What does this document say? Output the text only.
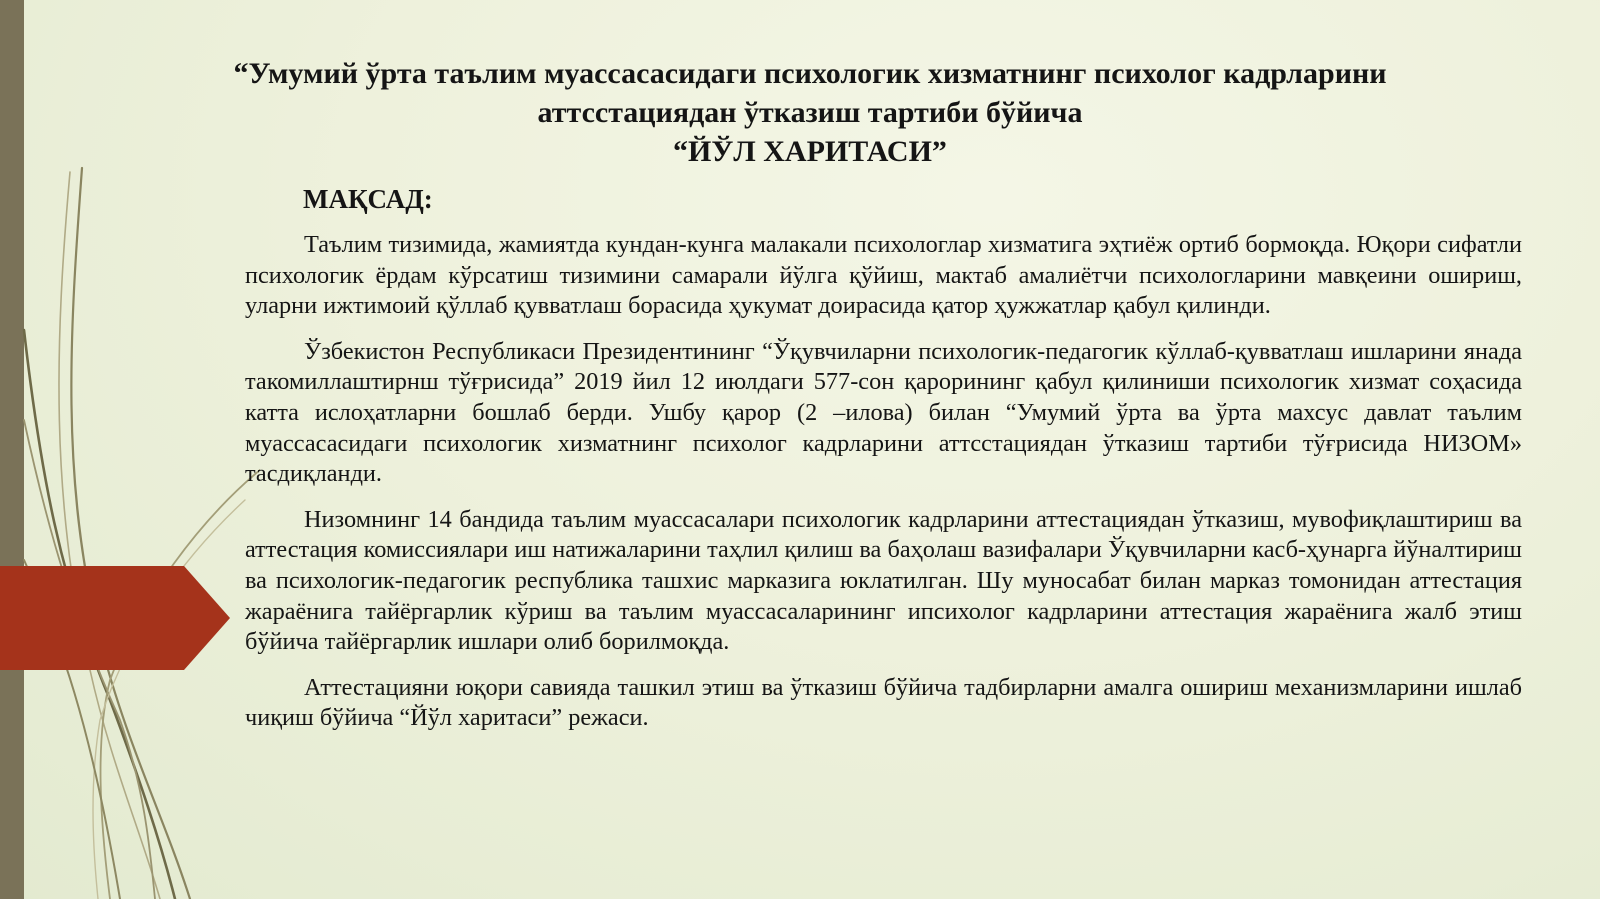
“Умумий ўрта таълим муассасасидаги психологик хизматнинг психолог кадрларини
аттсстациядан ўтказиш тартиби бўйича
“ЙЎЛ ХАРИТАСИ”
МАҚСАД:

Таълим тизимида, жамиятда кундан-кунга малакали психологлар хизматига эҳтиёж ортиб бормоқда. Юқори сифатли психологик ёрдам кўрсатиш тизимини самарали йўлга қўйиш, мактаб амалиётчи психологларини мавқеини ошириш, уларни ижтимоий қўллаб қувватлаш борасида ҳукумат доирасида қатор ҳужжатлар қабул қилинди.

Ўзбекистон Республикаси Президентининг “Ўқувчиларни психологик-педагогик кўллаб-қувватлаш ишларини янада такомиллаштирнш тўғрисида” 2019 йил 12 июлдаги 577-сон қарорининг қабул қилиниши психологик хизмат соҳасида катта ислоҳатларни бошлаб берди. Ушбу қарор (2 –илова) билан “Умумий ўрта ва ўрта махсус давлат таълим муассасасидаги психологик хизматнинг психолог кадрларини аттсстациядан ўтказиш тартиби тўғрисида НИЗОМ» тасдиқланди.

Низомнинг 14 бандида таълим муассасалари психологик кадрларини аттестациядан ўтказиш, мувофиқлаштириш ва аттестация комиссиялари иш натижаларини таҳлил қилиш ва баҳолаш вазифалари Ўқувчиларни касб-ҳунарга йўналтириш ва психологик-педагогик республика ташхис марказига юклатилган. Шу муносабат билан марказ томонидан аттестация жараёнига тайёргарлик кўриш ва таълим муассасаларининг ипсихолог кадрларини аттестация жараёнига жалб этиш бўйича тайёргарлик ишлари олиб борилмоқда.

Аттестацияни юқори савияда ташкил этиш ва ўтказиш бўйича тадбирларни амалга ошириш механизмларини ишлаб чиқиш бўйича “Йўл харитаси” режаси.
